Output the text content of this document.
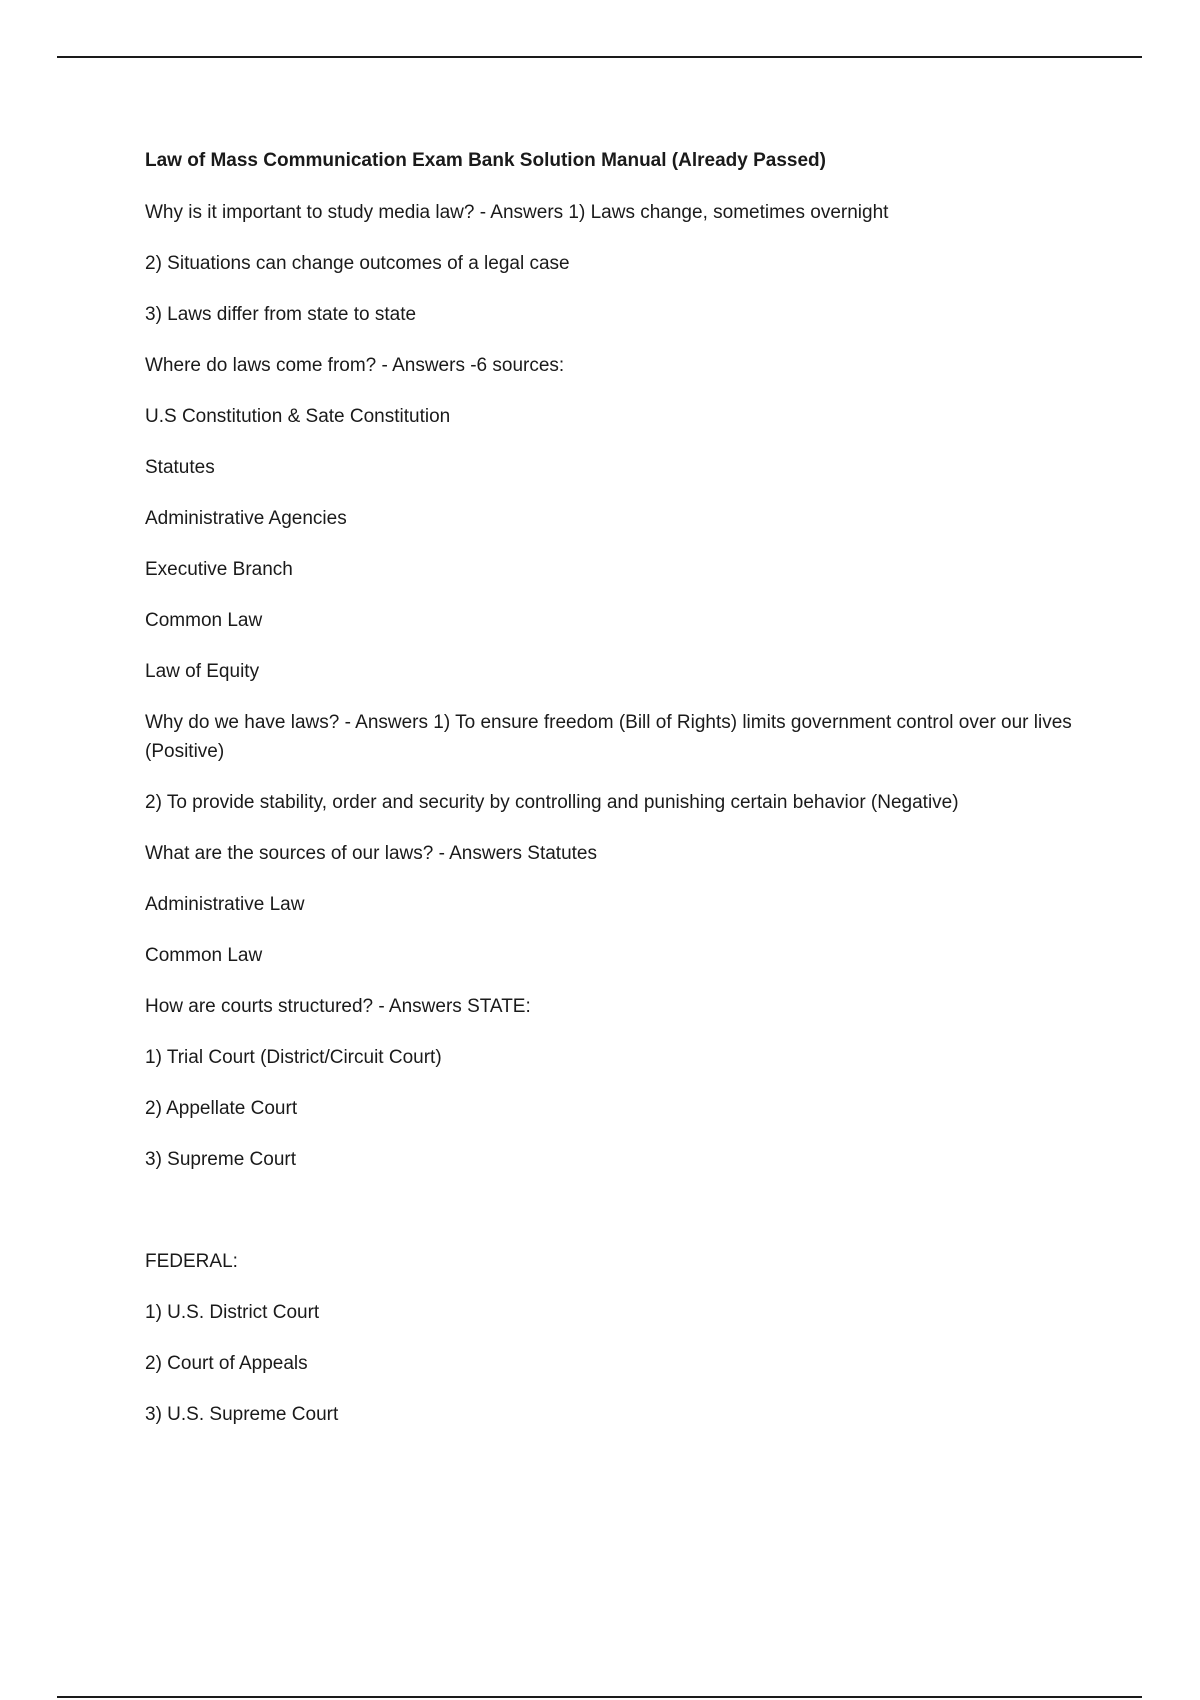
Law of Mass Communication Exam Bank Solution Manual (Already Passed)

Why is it important to study media law? - Answers 1) Laws change, sometimes overnight

2) Situations can change outcomes of a legal case

3) Laws differ from state to state

Where do laws come from? - Answers -6 sources:

U.S Constitution & Sate Constitution

Statutes

Administrative Agencies

Executive Branch

Common Law

Law of Equity

Why do we have laws? - Answers 1) To ensure freedom (Bill of Rights) limits government control over our lives (Positive)

2) To provide stability, order and security by controlling and punishing certain behavior (Negative)

What are the sources of our laws? - Answers Statutes

Administrative Law

Common Law

How are courts structured? - Answers STATE:

1) Trial Court (District/Circuit Court)

2) Appellate Court

3) Supreme Court

FEDERAL:

1) U.S. District Court

2) Court of Appeals

3) U.S. Supreme Court
